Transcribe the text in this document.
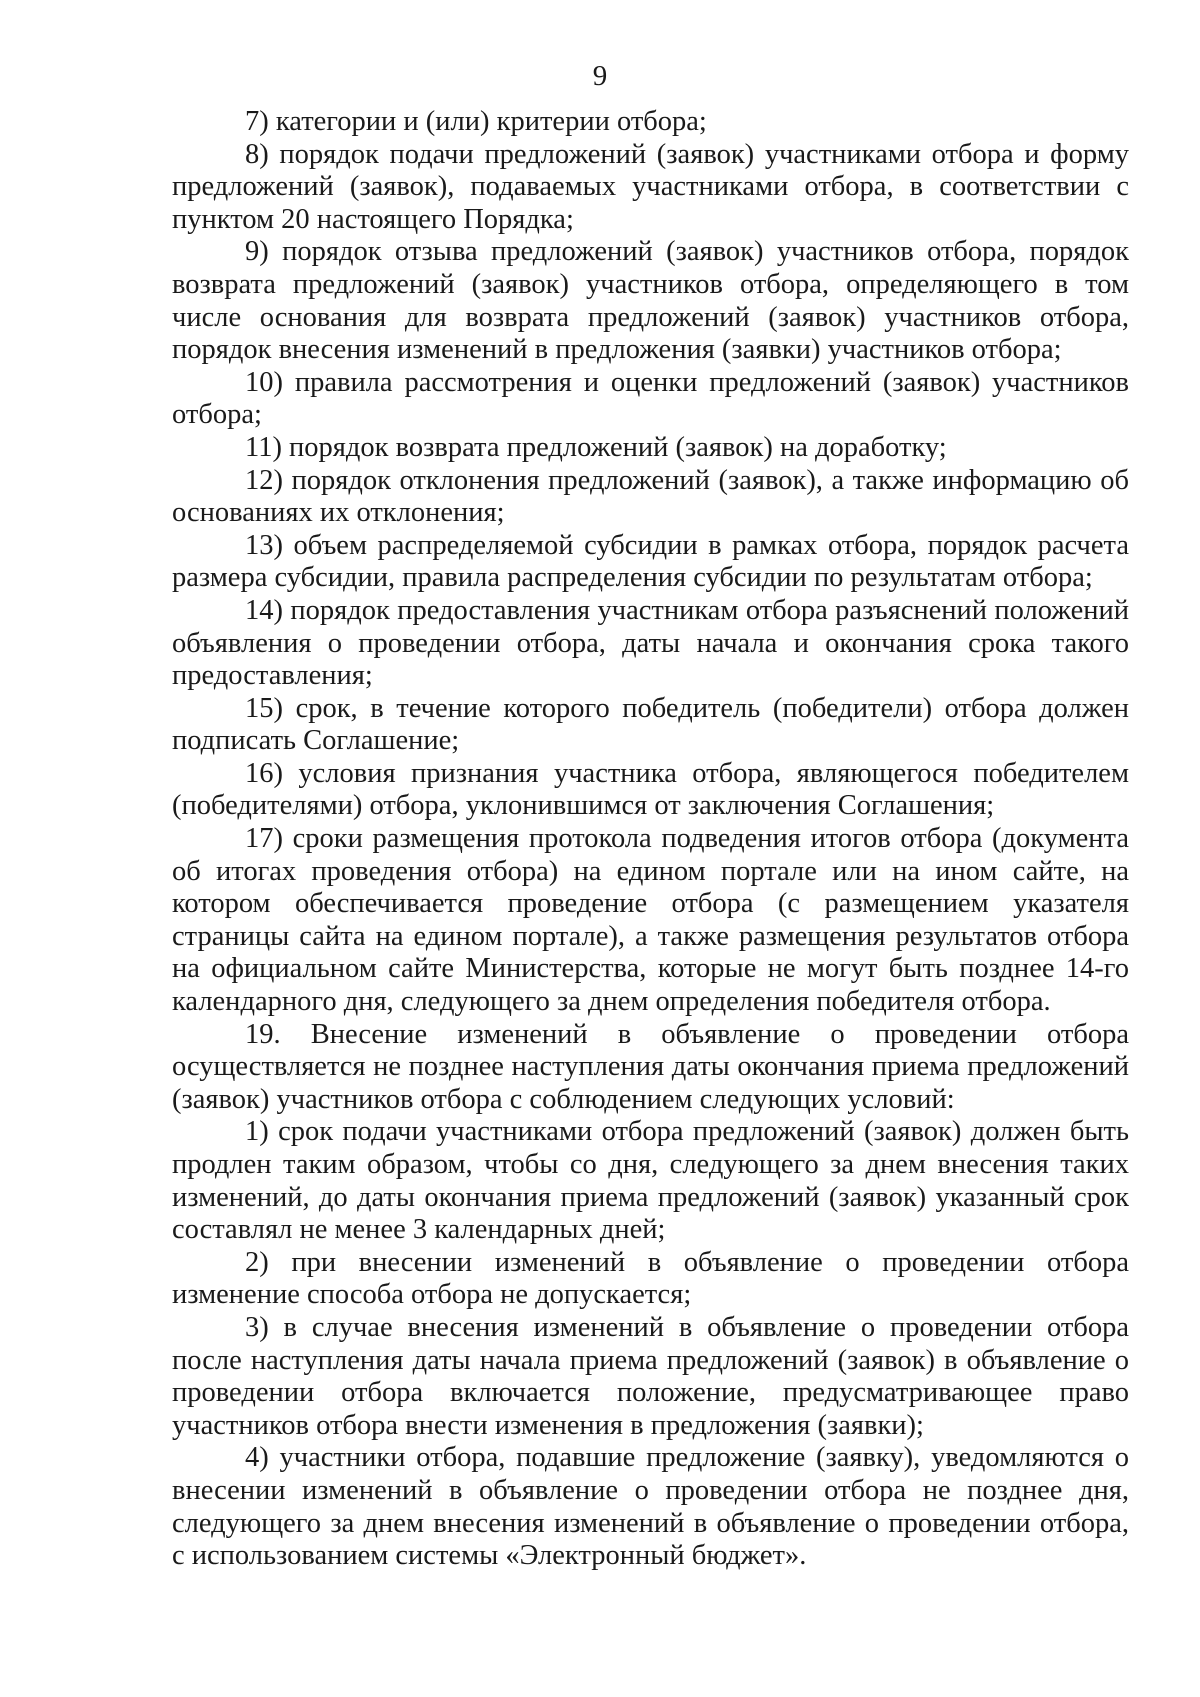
9

7) категории и (или) критерии отбора;

8) порядок подачи предложений (заявок) участниками отбора и форму предложений (заявок), подаваемых участниками отбора, в соответствии с пунктом 20 настоящего Порядка;

9) порядок отзыва предложений (заявок) участников отбора, порядок возврата предложений (заявок) участников отбора, определяющего в том числе основания для возврата предложений (заявок) участников отбора, порядок внесения изменений в предложения (заявки) участников отбора;

10) правила рассмотрения и оценки предложений (заявок) участников отбора;

11) порядок возврата предложений (заявок) на доработку;

12) порядок отклонения предложений (заявок), а также информацию об основаниях их отклонения;

13) объем распределяемой субсидии в рамках отбора, порядок расчета размера субсидии, правила распределения субсидии по результатам отбора;

14) порядок предоставления участникам отбора разъяснений положений объявления о проведении отбора, даты начала и окончания срока такого предоставления;

15) срок, в течение которого победитель (победители) отбора должен подписать Соглашение;

16) условия признания участника отбора, являющегося победителем (победителями) отбора, уклонившимся от заключения Соглашения;

17) сроки размещения протокола подведения итогов отбора (документа об итогах проведения отбора) на едином портале или на ином сайте, на котором обеспечивается проведение отбора (с размещением указателя страницы сайта на едином портале), а также размещения результатов отбора на официальном сайте Министерства, которые не могут быть позднее 14-го календарного дня, следующего за днем определения победителя отбора.

19. Внесение изменений в объявление о проведении отбора осуществляется не позднее наступления даты окончания приема предложений (заявок) участников отбора с соблюдением следующих условий:

1) срок подачи участниками отбора предложений (заявок) должен быть продлен таким образом, чтобы со дня, следующего за днем внесения таких изменений, до даты окончания приема предложений (заявок) указанный срок составлял не менее 3 календарных дней;

2) при внесении изменений в объявление о проведении отбора изменение способа отбора не допускается;

3) в случае внесения изменений в объявление о проведении отбора после наступления даты начала приема предложений (заявок) в объявление о проведении отбора включается положение, предусматривающее право участников отбора внести изменения в предложения (заявки);

4) участники отбора, подавшие предложение (заявку), уведомляются о внесении изменений в объявление о проведении отбора не позднее дня, следующего за днем внесения изменений в объявление о проведении отбора, с использованием системы «Электронный бюджет».
